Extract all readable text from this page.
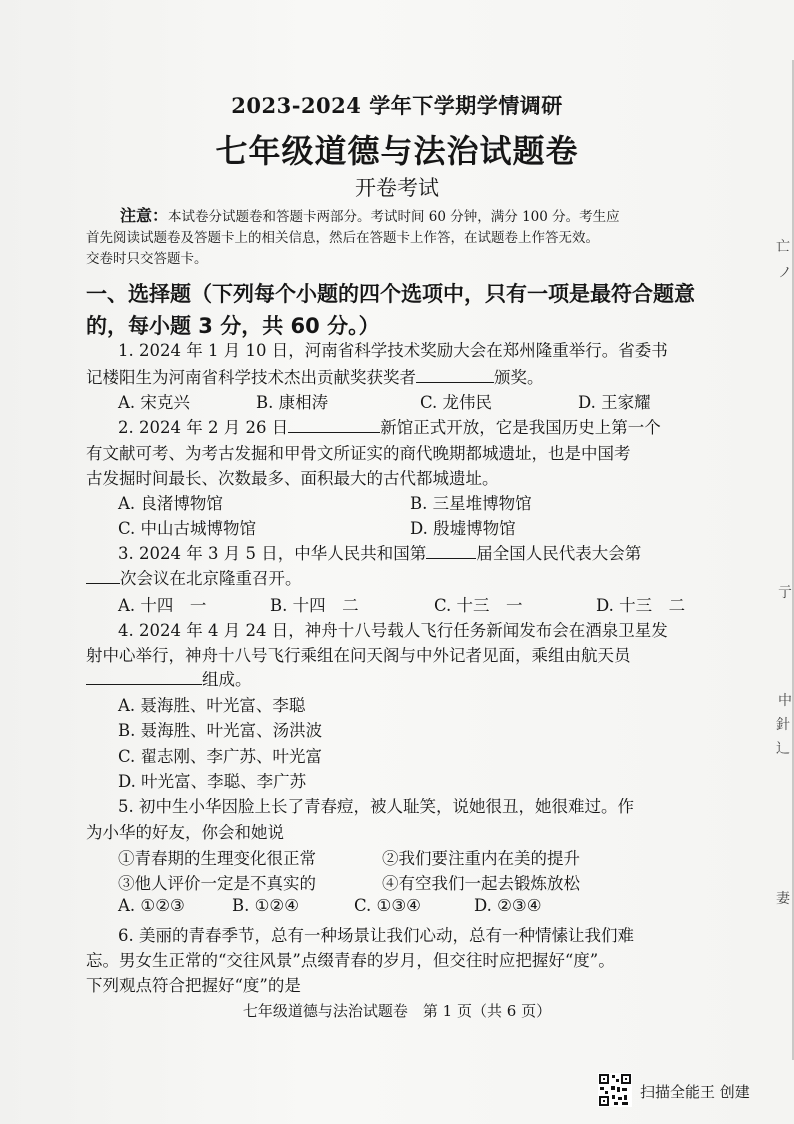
2023-2024 学年下学期学情调研
七年级道德与法治试题卷
开卷考试
注意：本试卷分试题卷和答题卡两部分。考试时间 60 分钟，满分 100 分。考生应
首先阅读试题卷及答题卡上的相关信息，然后在答题卡上作答，在试题卷上作答无效。
交卷时只交答题卡。
一、选择题（下列每个小题的四个选项中，只有一项是最符合题意
的，每小题 3 分，共 60 分。）
1. 2024 年 1 月 10 日，河南省科学技术奖励大会在郑州隆重举行。省委书
记楼阳生为河南省科学技术杰出贡献奖获奖者	颁奖。
A. 宋克兴	B. 康相涛	C. 龙伟民	D. 王家耀
2. 2024 年 2 月 26 日	新馆正式开放，它是我国历史上第一个
有文献可考、为考古发掘和甲骨文所证实的商代晚期都城遗址，也是中国考
古发掘时间最长、次数最多、面积最大的古代都城遗址。
A. 良渚博物馆	B. 三星堆博物馆
C. 中山古城博物馆	D. 殷墟博物馆
3. 2024 年 3 月 5 日，中华人民共和国第	届全国人民代表大会第
次会议在北京隆重召开。
A. 十四　一	B. 十四　二	C. 十三　一	D. 十三　二
4. 2024 年 4 月 24 日，神舟十八号载人飞行任务新闻发布会在酒泉卫星发
射中心举行，神舟十八号飞行乘组在问天阁与中外记者见面，乘组由航天员
组成。
A. 聂海胜、叶光富、李聪
B. 聂海胜、叶光富、汤洪波
C. 翟志刚、李广苏、叶光富
D. 叶光富、李聪、李广苏
5. 初中生小华因脸上长了青春痘，被人耻笑，说她很丑，她很难过。作
为小华的好友，你会和她说
①青春期的生理变化很正常	②我们要注重内在美的提升
③他人评价一定是不真实的	④有空我们一起去锻炼放松
A. ①②③	B. ①②④	C. ①③④	D. ②③④
6. 美丽的青春季节，总有一种场景让我们心动，总有一种情愫让我们难
忘。男女生正常的“交往风景”点缀青春的岁月，但交往时应把握好“度”。
下列观点符合把握好“度”的是
七年级道德与法治试题卷　第 1 页（共 6 页）
扫描全能王 创建
亡
ノ
亍
中
針
辶
妻
